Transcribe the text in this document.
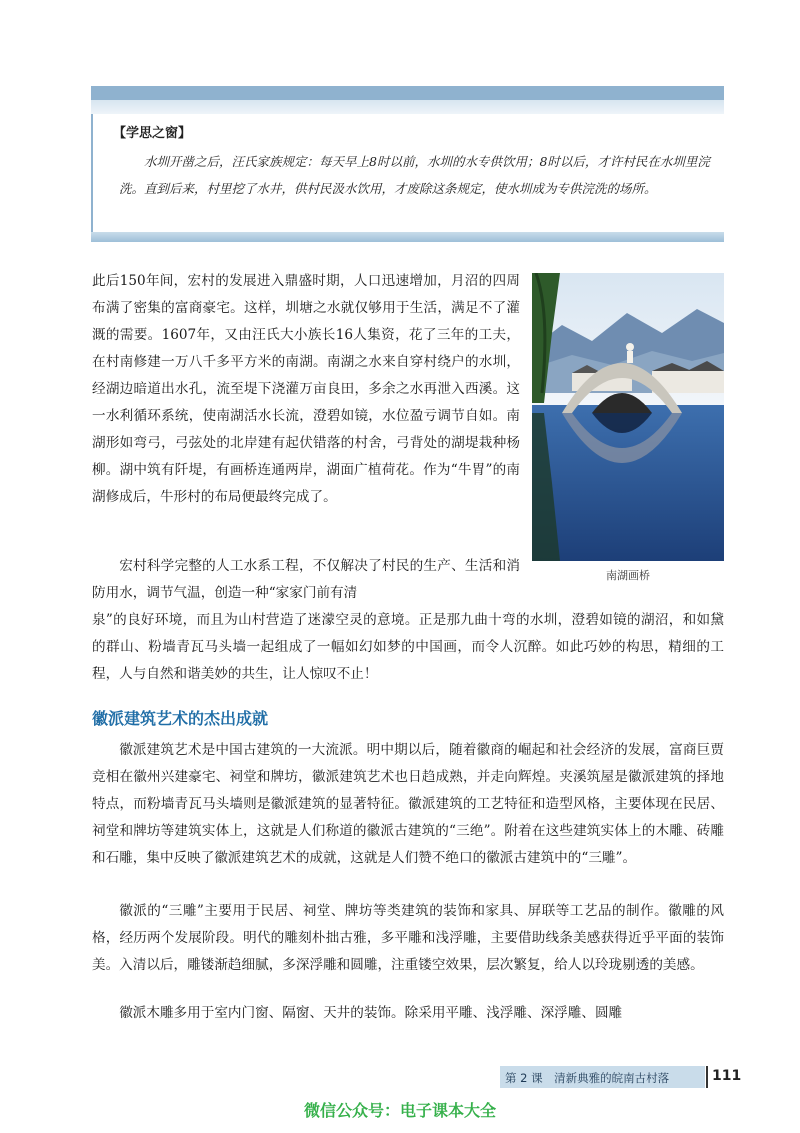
【学思之窗】
水圳开凿之后，汪氏家族规定：每天早上8时以前，水圳的水专供饮用；8时以后，才许村民在水圳里浣洗。直到后来，村里挖了水井，供村民汲水饮用，才废除这条规定，使水圳成为专供浣洗的场所。
南湖画桥

此后150年间，宏村的发展进入鼎盛时期，人口迅速增加，月沼的四周布满了密集的富商豪宅。这样，圳塘之水就仅够用于生活，满足不了灌溉的需要。1607年，又由汪氏大小族长16人集资，花了三年的工夫，在村南修建一万八千多平方米的南湖。南湖之水来自穿村绕户的水圳，经湖边暗道出水孔，流至堤下浇灌万亩良田，多余之水再泄入西溪。这一水利循环系统，使南湖活水长流，澄碧如镜，水位盈亏调节自如。南湖形如弯弓，弓弦处的北岸建有起伏错落的村舍，弓背处的湖堤栽种杨柳。湖中筑有阡堤，有画桥连通两岸，湖面广植荷花。作为“牛胃”的南湖修成后，牛形村的布局便最终完成了。

宏村科学完整的人工水系工程，不仅解决了村民的生产、生活和消防用水，调节气温，创造一种“家家门前有清

泉”的良好环境，而且为山村营造了迷濛空灵的意境。正是那九曲十弯的水圳，澄碧如镜的湖沼，和如黛的群山、粉墙青瓦马头墙一起组成了一幅如幻如梦的中国画，而令人沉醉。如此巧妙的构思，精细的工程，人与自然和谐美妙的共生，让人惊叹不止！

徽派建筑艺术的杰出成就

徽派建筑艺术是中国古建筑的一大流派。明中期以后，随着徽商的崛起和社会经济的发展，富商巨贾竞相在徽州兴建豪宅、祠堂和牌坊，徽派建筑艺术也日趋成熟，并走向辉煌。夹溪筑屋是徽派建筑的择地特点，而粉墙青瓦马头墙则是徽派建筑的显著特征。徽派建筑的工艺特征和造型风格，主要体现在民居、祠堂和牌坊等建筑实体上，这就是人们称道的徽派古建筑的“三绝”。附着在这些建筑实体上的木雕、砖雕和石雕，集中反映了徽派建筑艺术的成就，这就是人们赞不绝口的徽派古建筑中的“三雕”。

徽派的“三雕”主要用于民居、祠堂、牌坊等类建筑的装饰和家具、屏联等工艺品的制作。徽雕的风格，经历两个发展阶段。明代的雕刻朴拙古雅，多平雕和浅浮雕，主要借助线条美感获得近乎平面的装饰美。入清以后，雕镂渐趋细腻，多深浮雕和圆雕，注重镂空效果，层次繁复，给人以玲珑剔透的美感。

徽派木雕多用于室内门窗、隔窗、天井的装饰。除采用平雕、浅浮雕、深浮雕、圆雕

第 2 课　清新典雅的皖南古村落	111
微信公众号：电子课本大全
